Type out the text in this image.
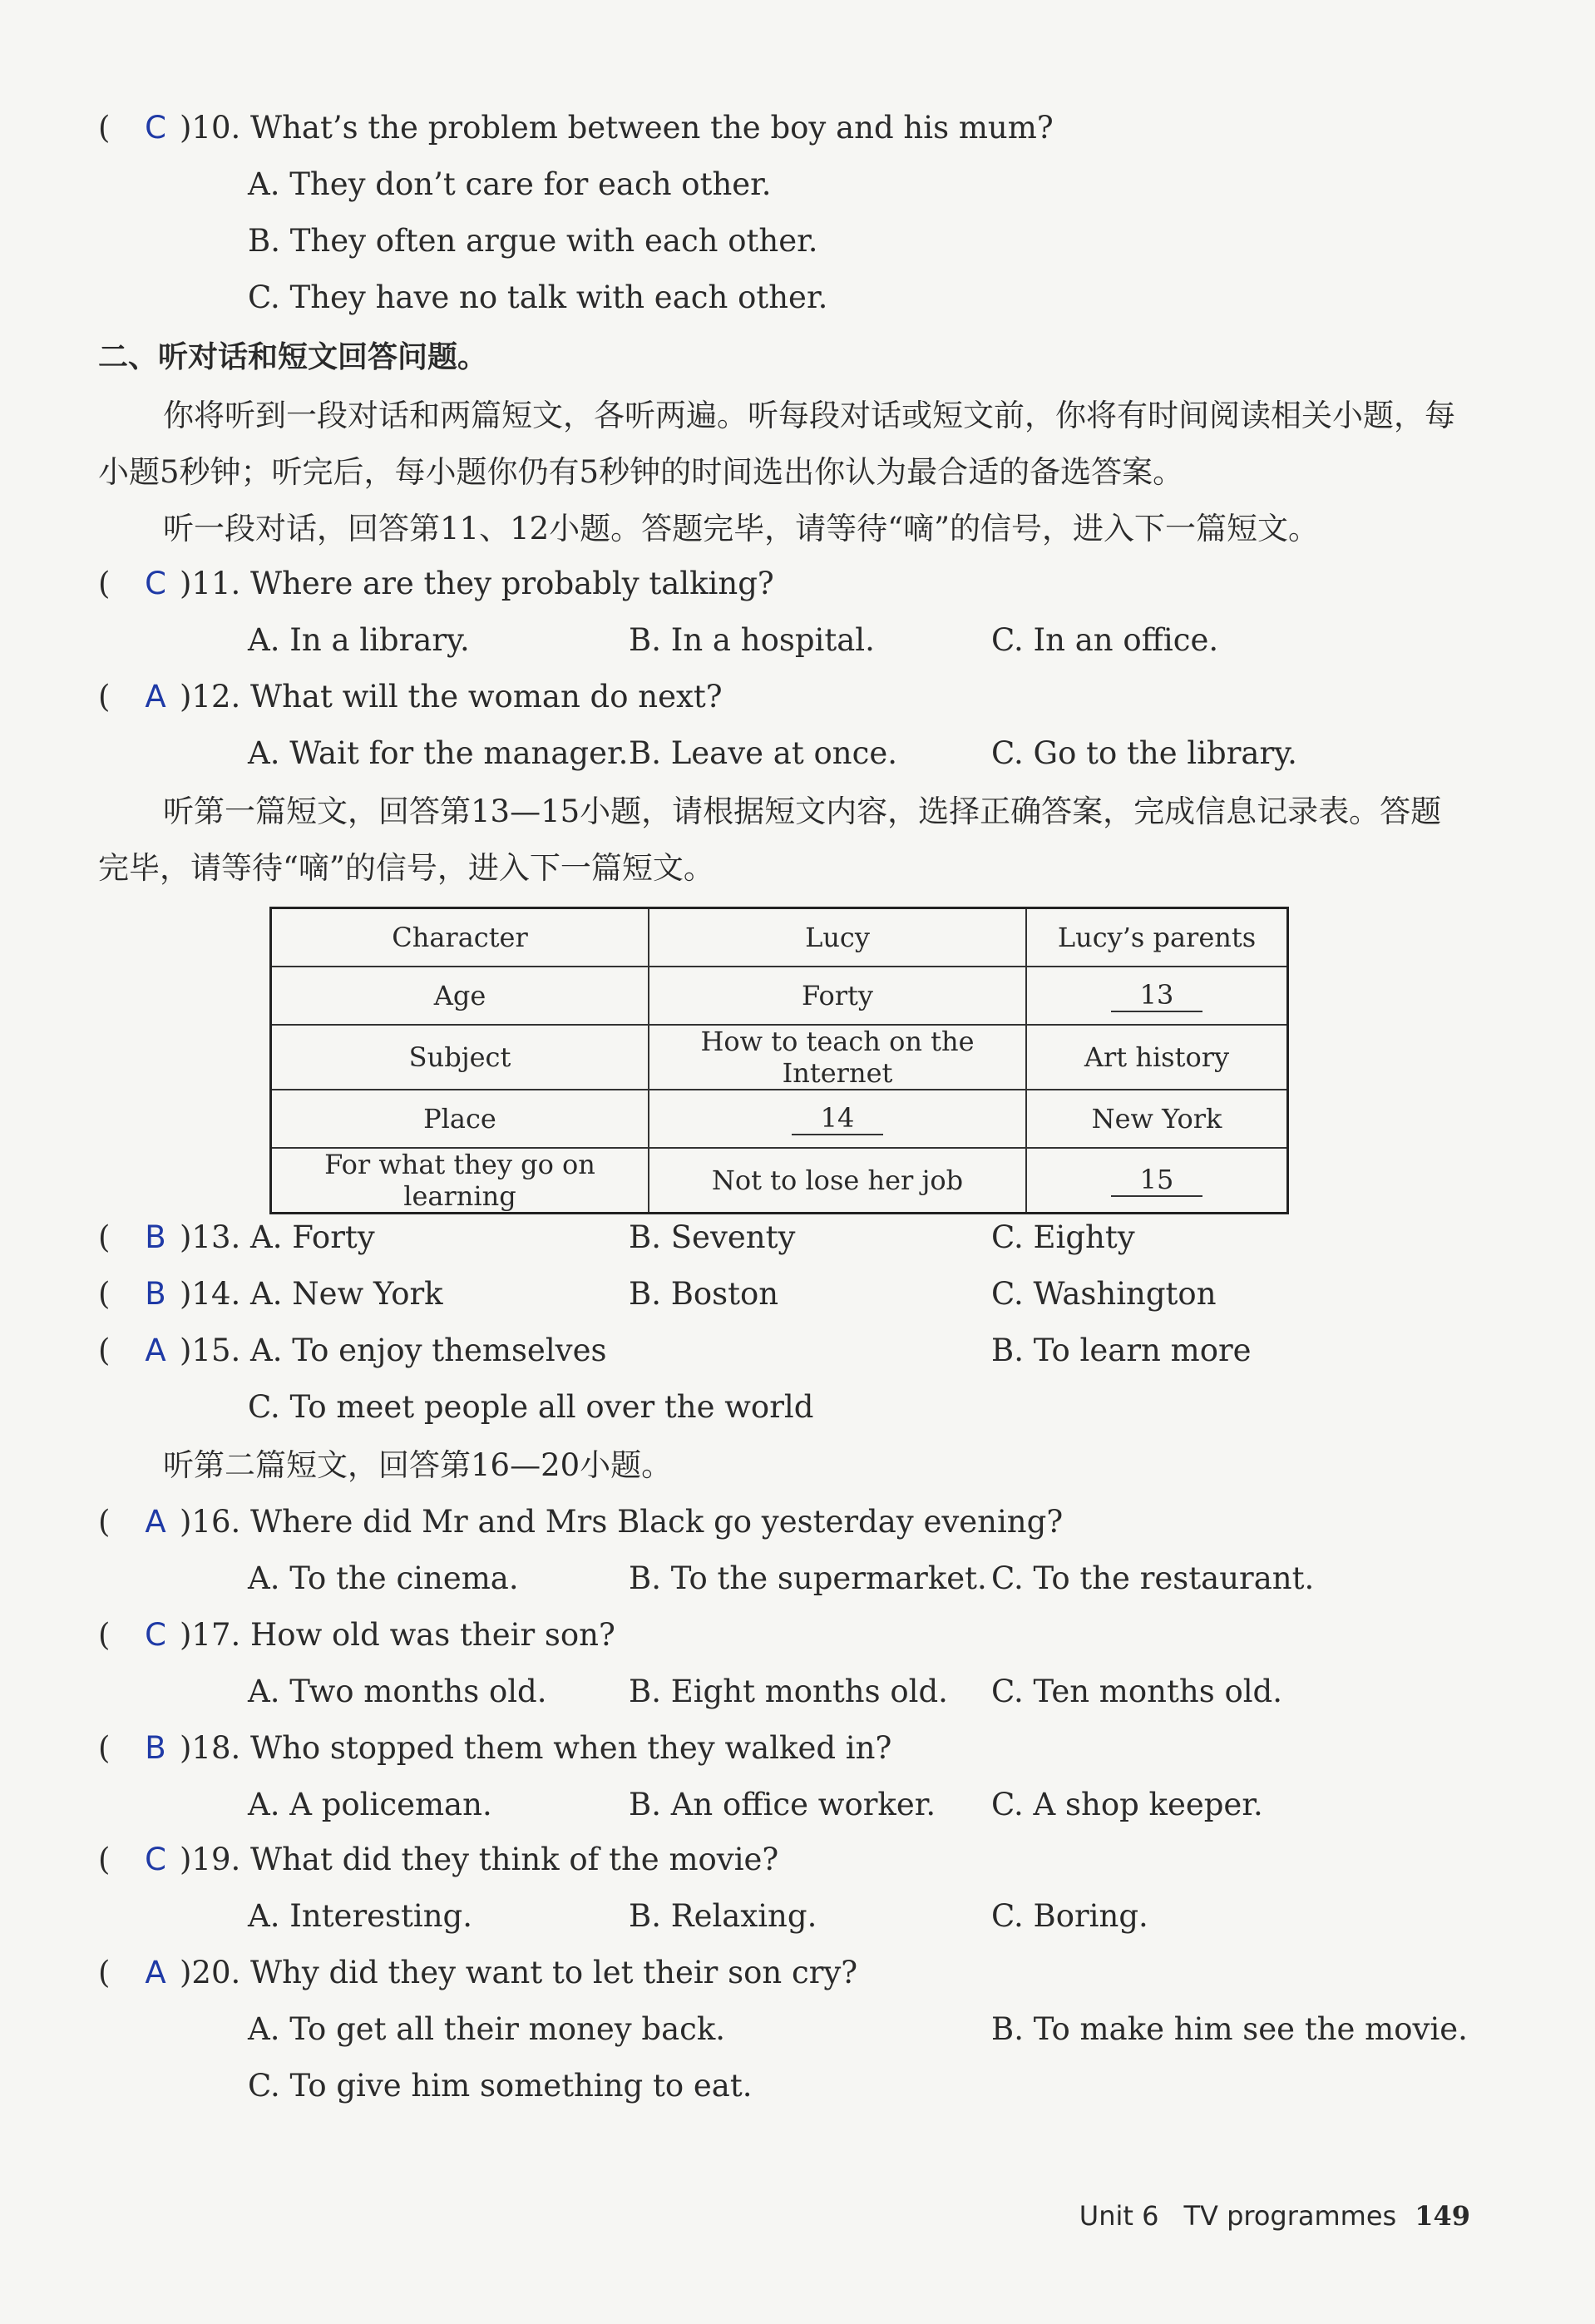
( C )10. What’s the problem between the boy and his mum?
A. They don’t care for each other.
B. They often argue with each other.
C. They have no talk with each other.
二、听对话和短文回答问题。
你将听到一段对话和两篇短文，各听两遍。听每段对话或短文前，你将有时间阅读相关小题，每小题5秒钟；听完后，每小题你仍有5秒钟的时间选出你认为最合适的备选答案。
听一段对话，回答第11、12小题。答题完毕，请等待“嘀”的信号，进入下一篇短文。
( C )11. Where are they probably talking?
A. In a library.	B. In a hospital.	C. In an office.
( A )12. What will the woman do next?
A. Wait for the manager. B. Leave at once.	C. Go to the library.
听第一篇短文，回答第13—15小题，请根据短文内容，选择正确答案，完成信息记录表。答题完毕，请等待“嘀”的信号，进入下一篇短文。
Character	Lucy	Lucy’s parents
Age	Forty	13
Subject	How to teach on the Internet	Art history
Place	14	New York
For what they go on learning	Not to lose her job	15
( B )13. A. Forty	B. Seventy	C. Eighty
( B )14. A. New York	B. Boston	C. Washington
( A )15. A. To enjoy themselves	B. To learn more
C. To meet people all over the world
听第二篇短文，回答第16—20小题。
( A )16. Where did Mr and Mrs Black go yesterday evening?
A. To the cinema.	B. To the supermarket. C. To the restaurant.
( C )17. How old was their son?
A. Two months old.	B. Eight months old. C. Ten months old.
( B )18. Who stopped them when they walked in?
A. A policeman.	B. An office worker. C. A shop keeper.
( C )19. What did they think of the movie?
A. Interesting.	B. Relaxing.	C. Boring.
( A )20. Why did they want to let their son cry?
A. To get all their money back.	B. To make him see the movie.
C. To give him something to eat.
Unit 6 TV programmes 149
